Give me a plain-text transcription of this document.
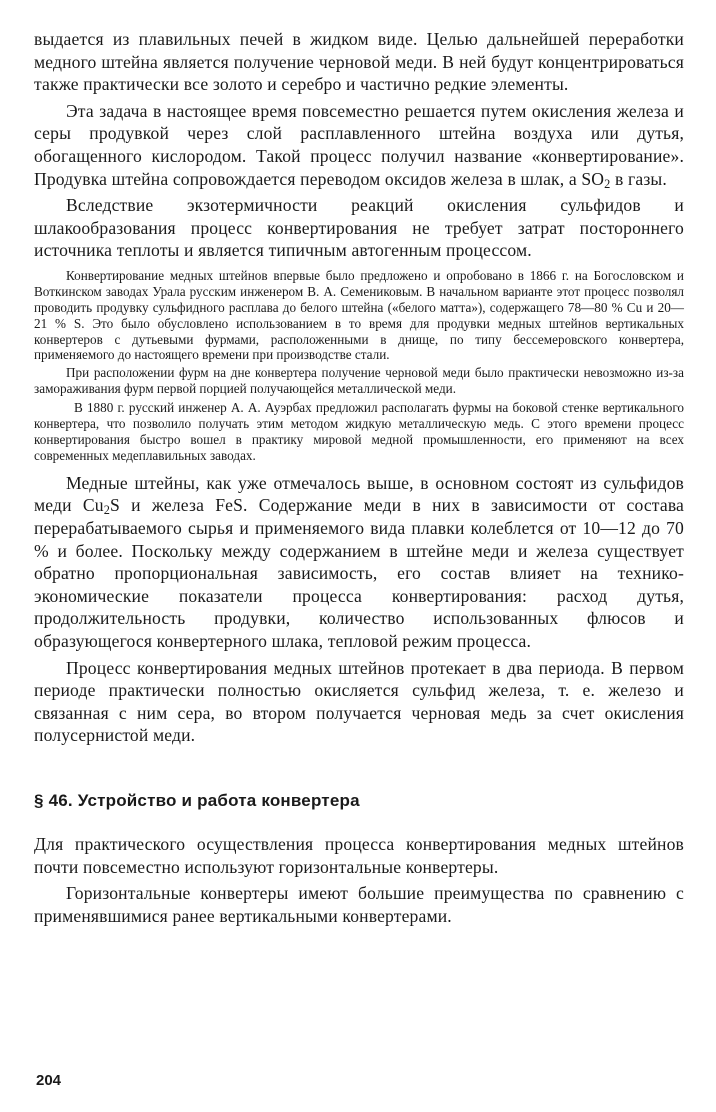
выдается из плавильных печей в жидком виде. Целью дальнейшей переработки медного штейна является получение черновой меди. В ней будут концентрироваться также практически все золото и серебро и частично редкие элементы.

Эта задача в настоящее время повсеместно решается путем окисления железа и серы продувкой через слой расплавленного штейна воздуха или дутья, обогащенного кислородом. Такой процесс получил название «конвертирование». Продувка штейна сопровождается переводом оксидов железа в шлак, а $SO_2$ в газы.

Вследствие экзотермичности реакций окисления сульфидов и шлакообразования процесс конвертирования не требует затрат постороннего источника теплоты и является типичным автогенным процессом.

Конвертирование медных штейнов впервые было предложено и опробовано в 1866 г. на Богословском и Воткинском заводах Урала русским инженером В. А. Семениковым. В начальном варианте этот процесс позволял проводить продувку сульфидного расплава до белого штейна («белого матта»), содержащего 78—80 % Cu и 20—21 % S. Это было обусловлено использованием в то время для продувки медных штейнов вертикальных конвертеров с дутьевыми фурмами, расположенными в днище, по типу бессемеровского конвертера, применяемого до настоящего времени при производстве стали.

При расположении фурм на дне конвертера получение черновой меди было практически невозможно из-за замораживания фурм первой порцией получающейся металлической меди.

В 1880 г. русский инженер А. А. Ауэрбах предложил располагать фурмы на боковой стенке вертикального конвертера, что позволило получать этим методом жидкую металлическую медь. С этого времени процесс конвертирования быстро вошел в практику мировой медной промышленности, его применяют на всех современных медеплавильных заводах.

Медные штейны, как уже отмечалось выше, в основном состоят из сульфидов меди $Cu_2S$ и железа FeS. Содержание меди в них в зависимости от состава перерабатываемого сырья и применяемого вида плавки колеблется от 10—12 до 70 % и более. Поскольку между содержанием в штейне меди и железа существует обратно пропорциональная зависимость, его состав влияет на технико-экономические показатели процесса конвертирования: расход дутья, продолжительность продувки, количество использованных флюсов и образующегося конвертерного шлака, тепловой режим процесса.

Процесс конвертирования медных штейнов протекает в два периода. В первом периоде практически полностью окисляется сульфид железа, т. е. железо и связанная с ним сера, во втором получается черновая медь за счет окисления полусернистой меди.

§ 46. Устройство и работа конвертера

Для практического осуществления процесса конвертирования медных штейнов почти повсеместно используют горизонтальные конвертеры.

Горизонтальные конвертеры имеют большие преимущества по сравнению с применявшимися ранее вертикальными конвертерами.

204
